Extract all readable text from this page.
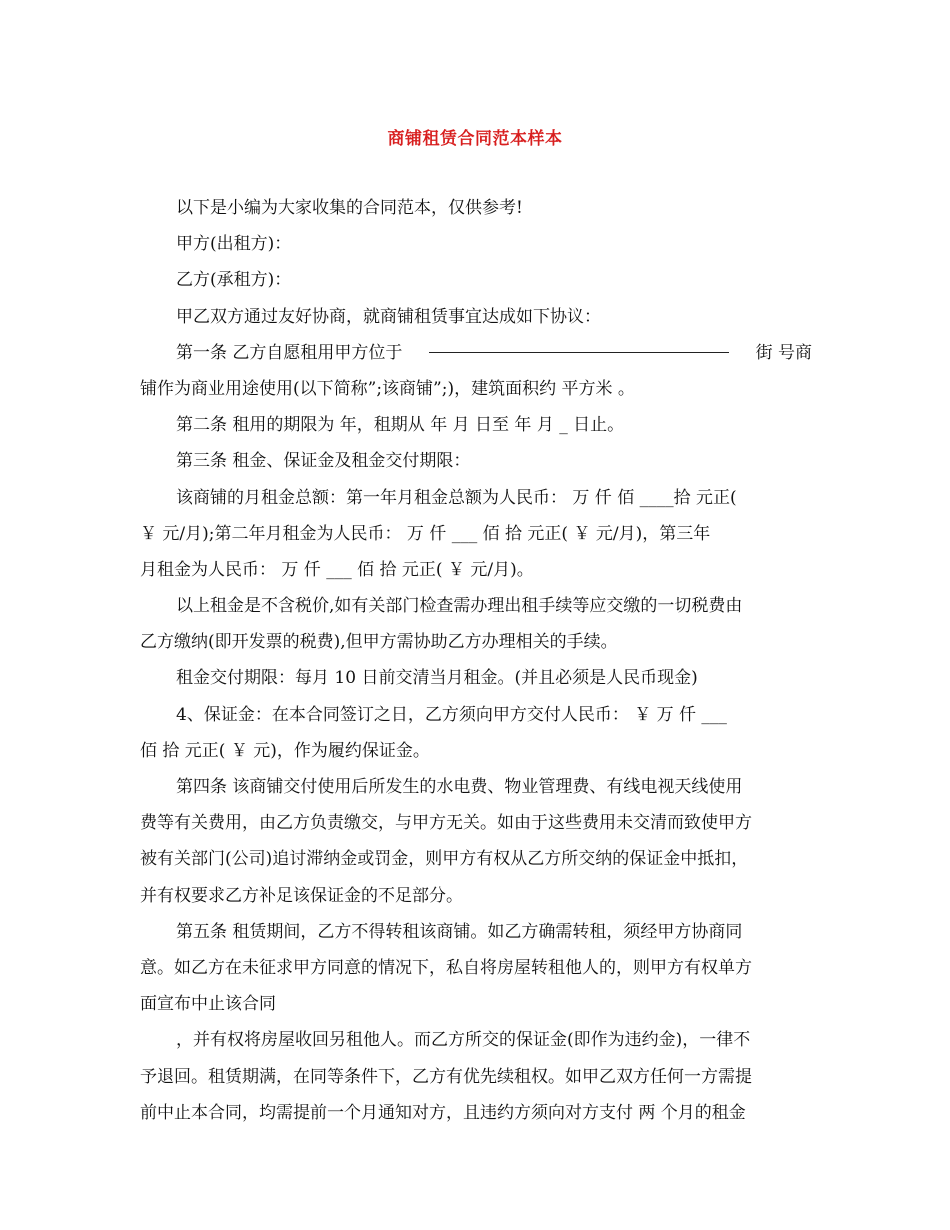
商铺租赁合同范本样本
以下是小编为大家收集的合同范本，仅供参考!
甲方(出租方)：
乙方(承租方)：
甲乙双方通过友好协商，就商铺租赁事宜达成如下协议：
第一条 乙方自愿租用甲方位于	街 号商
铺作为商业用途使用(以下简称”;该商铺”;)，建筑面积约 平方米 。
第二条 租用的期限为 年，租期从 年 月 日至 年 月 _ 日止。
第三条 租金、保证金及租金交付期限：
该商铺的月租金总额：第一年月租金总额为人民币： 万 仟 佰 ____拾 元正(
￥ 元/月);第二年月租金为人民币： 万 仟 ___ 佰 拾 元正( ￥ 元/月)，第三年
月租金为人民币： 万 仟 ___ 佰 拾 元正( ￥ 元/月)。
以上租金是不含税价,如有关部门检查需办理出租手续等应交缴的一切税费由
乙方缴纳(即开发票的税费),但甲方需协助乙方办理相关的手续。
租金交付期限：每月 10 日前交清当月租金。(并且必须是人民币现金)
4、保证金：在本合同签订之日，乙方须向甲方交付人民币： ￥ 万 仟 ___
佰 拾 元正( ￥ 元)，作为履约保证金。
第四条 该商铺交付使用后所发生的水电费、物业管理费、有线电视天线使用
费等有关费用，由乙方负责缴交，与甲方无关。如由于这些费用未交清而致使甲方
被有关部门(公司)追讨滞纳金或罚金，则甲方有权从乙方所交纳的保证金中抵扣，
并有权要求乙方补足该保证金的不足部分。
第五条 租赁期间，乙方不得转租该商铺。如乙方确需转租，须经甲方协商同
意。如乙方在未征求甲方同意的情况下，私自将房屋转租他人的，则甲方有权单方
面宣布中止该合同
，并有权将房屋收回另租他人。而乙方所交的保证金(即作为违约金)，一律不
予退回。租赁期满，在同等条件下，乙方有优先续租权。如甲乙双方任何一方需提
前中止本合同，均需提前一个月通知对方，且违约方须向对方支付 两 个月的租金
